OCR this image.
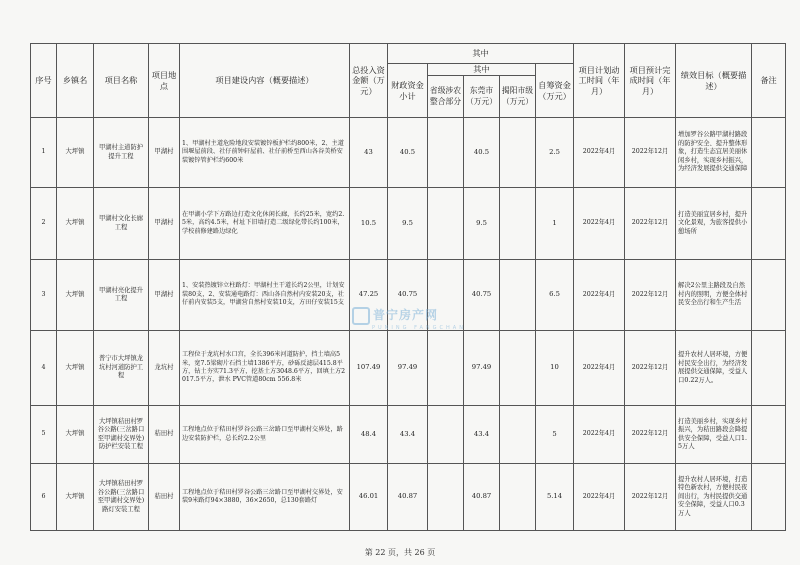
序号	乡镇名	项目名称	项目地点	项目建设内容（概要描述）	总投入资金额（万元）	其中					项目计划动工时间（年月）	项目预计完成时间（年月）	绩效目标（概要描述）	备注
						财政资金小计	其中			自筹资金（万元）				
							省级涉农整合部分	东莞市（万元）	揭阳市级（万元）					
1	大坪镇	甲湖村主道防护提升工程	甲湖村	1、甲湖村主道危险地段安装镀锌板护栏约800米，2、主道围堰屋前段、社仔前钟轩屋前、社仔前桥至西山各谷美桥安装镀锌管护栏约600米	43	40.5		40.5		2.5	2022年4月	2022年12月	增加罗谷公路甲湖村路段的防护安全、提升整体形象，打造生态宜居美丽休闲乡村，实现乡村振兴，为经济发展提供交通保障	
2	大坪镇	甲湖村文化长廊工程	甲湖村	在甲湖小学下方路边打造文化休闲长廊，长约25米，宽约2.5米，高约4.5米，村址下旧墙打造二级绿化带长约100米，学校前修建路边绿化	10.5	9.5		9.5		1	2022年4月	2022年12月	打造美丽宜居乡村，提升文化景观，为旅客提供小憩场所	
3	大坪镇	甲湖村亮化提升工程	甲湖村	1、安装热镀锌立柱路灯：甲湖村主干道长约2公里，计划安装80支，2、安装通电路灯：西山各自然村内安装20支，社仔前内安装5支，甲湖营自然村安装10支，方田仔安装15支	47.25	40.75		40.75		6.5	2022年4月	2022年12月	解决2公里主路段及自然村内的照明，方便全体村民安全出行和生产生活	
4	大坪镇	普宁市大坪镇龙坑村河道防护工程	龙坑村	工程位于龙坑村水口宫，全长396米河道防护，挡土墙高5米，宽7.5梁砌片石挡土墙1386平方，砂砾反滤层415.8平方，钻土夯实71.3平方，挖基土方3048.6平方，回填土方2017.5平方，泄水 PVC管道80cm 556.8米	107.49	97.49		97.49		10	2022年4月	2022年12月	提升农村人居环境，方便村民安全出行，为经济发展提供交通保障，受益人口0.22万人。	
5	大坪镇	大坪镇秸田村罗谷公路(三岔路口至甲湖村交界处)防护栏安装工程	秸田村	工程地点位于秸田村罗谷公路三岔路口至甲湖村交界处，路边安装防护栏，总长约2.2公里	48.4	43.4		43.4		5	2022年4月	2022年12月	打造美丽乡村，实现乡村振兴，为秸田路段会降提供安全保障，受益人口1.5万人	
6	大坪镇	大坪镇秸田村罗谷公路(三岔路口至甲湖村交界处)路灯安装工程	秸田村	工程地点位于秸田村罗谷公路三岔路口至甲湖村交界处，安装9米路灯94×3880，36×2650，总130套路灯	46.01	40.87		40.87		5.14	2022年4月	2022年12月	提升农村人居环境，打造特色新农村，方便村民夜间出行，为村民提供交通安全保障，受益人口0.3万人	
普宁房产网
PUNING FANGCHAN
第 22 页，共 26 页
